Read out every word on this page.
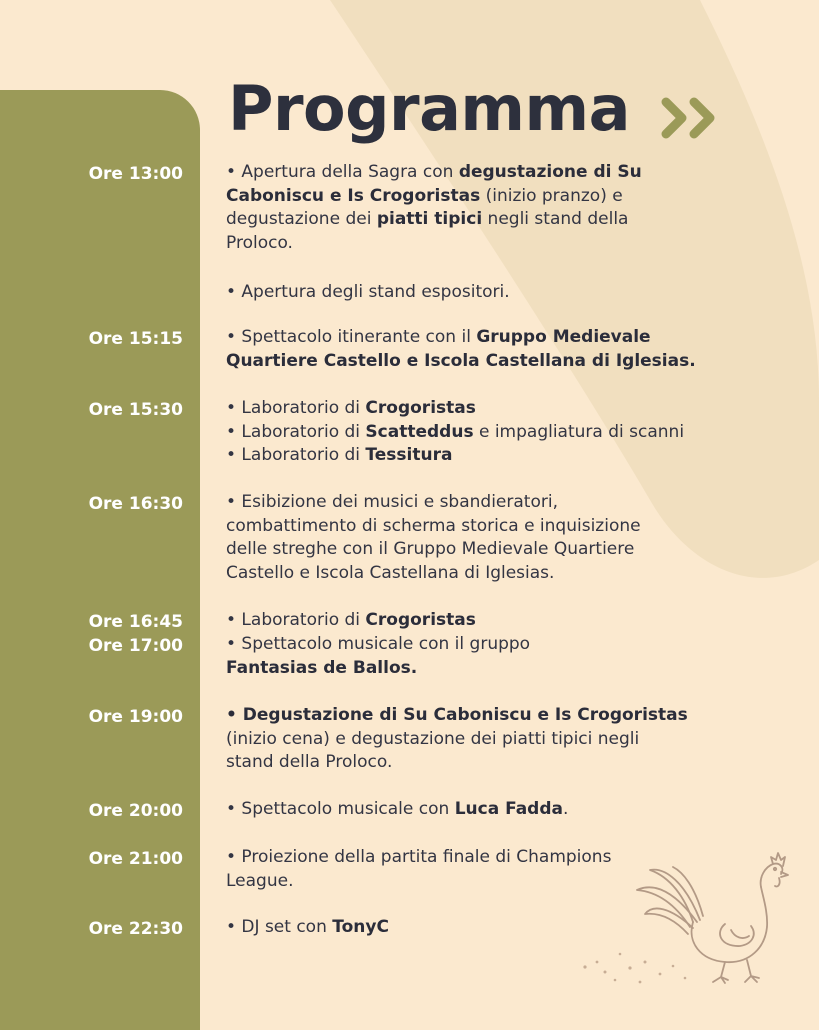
Programma
Ore 13:00	• Apertura della Sagra con degustazione di Su
Caboniscu e Is Crogoristas (inizio pranzo) e
degustazione dei piatti tipici negli stand della
Proloco.
• Apertura degli stand espositori.
Ore 15:15	• Spettacolo itinerante con il Gruppo Medievale
Quartiere Castello e Iscola Castellana di Iglesias.
Ore 15:30	• Laboratorio di Crogoristas
• Laboratorio di Scatteddus e impagliatura di scanni
• Laboratorio di Tessitura
Ore 16:30	• Esibizione dei musici e sbandieratori,
combattimento di scherma storica e inquisizione
delle streghe con il Gruppo Medievale Quartiere
Castello e Iscola Castellana di Iglesias.
Ore 16:45	• Laboratorio di Crogoristas
Ore 17:00	• Spettacolo musicale con il gruppo
Fantasias de Ballos.
Ore 19:00	• Degustazione di Su Caboniscu e Is Crogoristas
(inizio cena) e degustazione dei piatti tipici negli
stand della Proloco.
Ore 20:00	• Spettacolo musicale con Luca Fadda.
Ore 21:00	• Proiezione della partita finale di Champions
League.
Ore 22:30	• DJ set con TonyC
